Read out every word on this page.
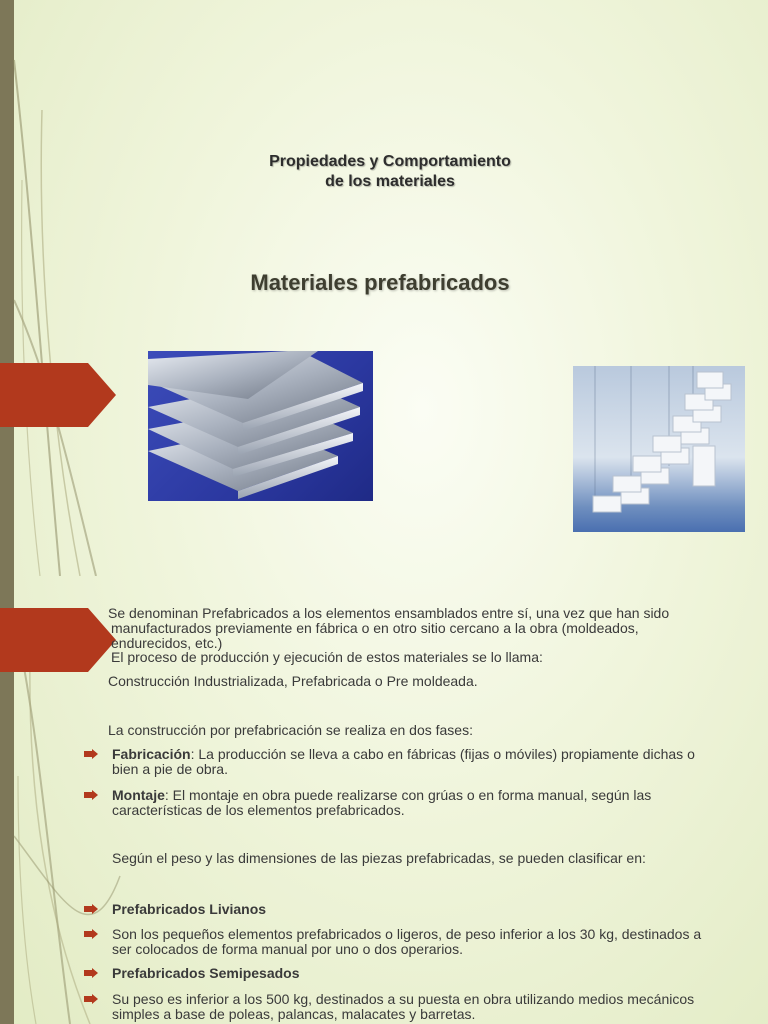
Propiedades y Comportamiento
de los materiales
Materiales prefabricados
Se denominan Prefabricados a los elementos ensamblados entre sí, una vez que han sido
manufacturados previamente en fábrica o en otro sitio cercano a la obra (moldeados,
endurecidos, etc.)
El proceso de producción y ejecución de estos materiales se lo llama:
Construcción Industrializada, Prefabricada o Pre moldeada.
La construcción por prefabricación se realiza en dos fases:
Fabricación: La producción se lleva a cabo en fábricas (fijas o móviles) propiamente dichas o
bien a pie de obra.
Montaje: El montaje en obra puede realizarse con grúas o en forma manual, según las
características de los elementos prefabricados.
Según el peso y las dimensiones de las piezas prefabricadas, se pueden clasificar en:
Prefabricados Livianos
Son los pequeños elementos prefabricados o ligeros, de peso inferior a los 30 kg, destinados a
ser colocados de forma manual por uno o dos operarios.
Prefabricados Semipesados
Su peso es inferior a los 500 kg, destinados a su puesta en obra utilizando medios mecánicos
simples a base de poleas, palancas, malacates y barretas.
